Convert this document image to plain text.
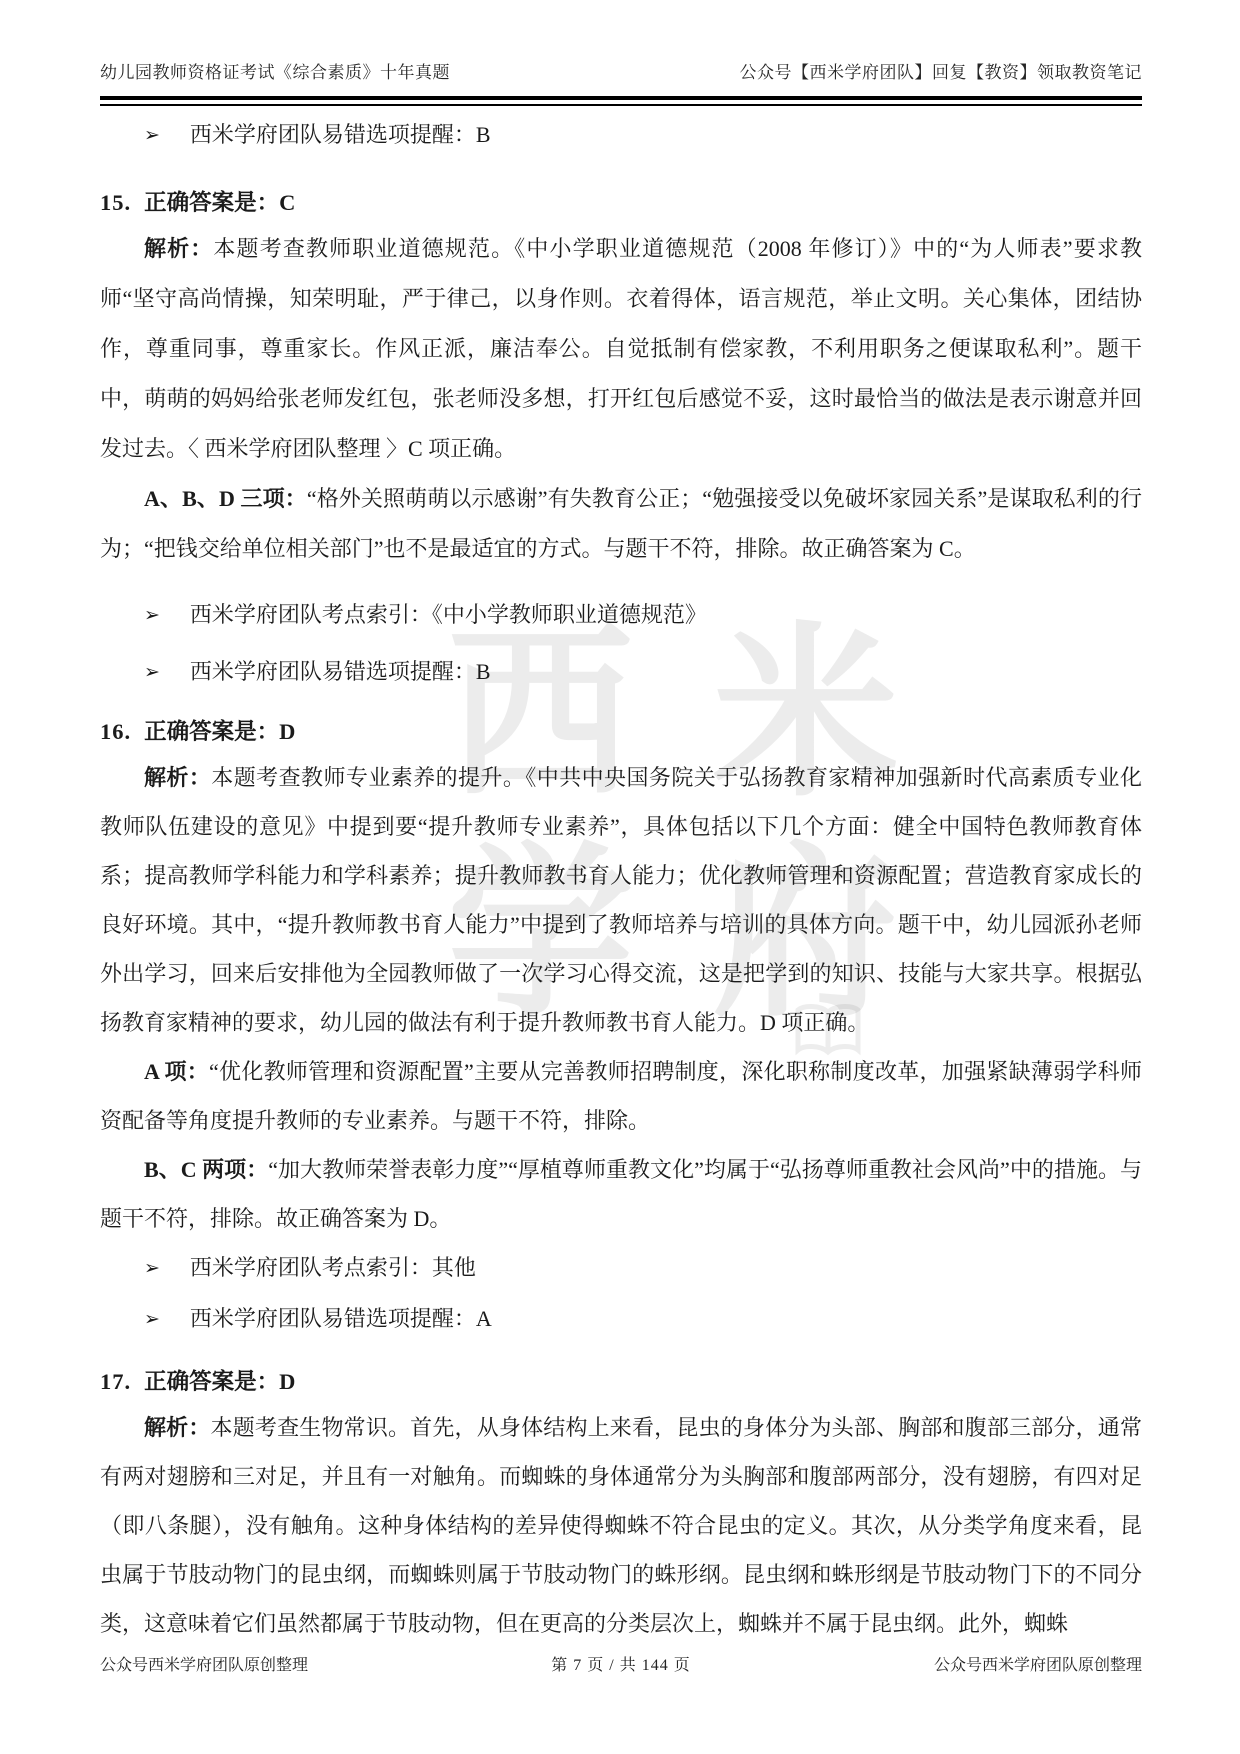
幼儿园教师资格证考试《综合素质》十年真题	公众号【西米学府团队】回复【教资】领取教资笔记
西 米
学 府
➢ 西米学府团队易错选项提醒：B
15. 正确答案是：C

解析：本题考查教师职业道德规范。《中小学职业道德规范（2008 年修订）》中的“为人师表”要求教师“坚守高尚情操，知荣明耻，严于律己，以身作则。衣着得体，语言规范，举止文明。关心集体，团结协作，尊重同事，尊重家长。作风正派，廉洁奉公。自觉抵制有偿家教，不利用职务之便谋取私利”。题干中，萌萌的妈妈给张老师发红包，张老师没多想，打开红包后感觉不妥，这时最恰当的做法是表示谢意并回发过去。〈 西米学府团队整理 〉C 项正确。

A、B、D 三项：“格外关照萌萌以示感谢”有失教育公正；“勉强接受以免破坏家园关系”是谋取私利的行为；“把钱交给单位相关部门”也不是最适宜的方式。与题干不符，排除。故正确答案为 C。

➢ 西米学府团队考点索引：《中小学教师职业道德规范》
➢ 西米学府团队易错选项提醒：B
16. 正确答案是：D

解析：本题考查教师专业素养的提升。《中共中央国务院关于弘扬教育家精神加强新时代高素质专业化教师队伍建设的意见》中提到要“提升教师专业素养”，具体包括以下几个方面：健全中国特色教师教育体系；提高教师学科能力和学科素养；提升教师教书育人能力；优化教师管理和资源配置；营造教育家成长的良好环境。其中，“提升教师教书育人能力”中提到了教师培养与培训的具体方向。题干中，幼儿园派孙老师外出学习，回来后安排他为全园教师做了一次学习心得交流，这是把学到的知识、技能与大家共享。根据弘扬教育家精神的要求，幼儿园的做法有利于提升教师教书育人能力。D 项正确。

A 项：“优化教师管理和资源配置”主要从完善教师招聘制度，深化职称制度改革，加强紧缺薄弱学科师资配备等角度提升教师的专业素养。与题干不符，排除。

B、C 两项：“加大教师荣誉表彰力度”“厚植尊师重教文化”均属于“弘扬尊师重教社会风尚”中的措施。与题干不符，排除。故正确答案为 D。

➢ 西米学府团队考点索引：其他
➢ 西米学府团队易错选项提醒：A
17. 正确答案是：D

解析：本题考查生物常识。首先，从身体结构上来看，昆虫的身体分为头部、胸部和腹部三部分，通常有两对翅膀和三对足，并且有一对触角。而蜘蛛的身体通常分为头胸部和腹部两部分，没有翅膀，有四对足（即八条腿），没有触角。这种身体结构的差异使得蜘蛛不符合昆虫的定义。其次，从分类学角度来看，昆虫属于节肢动物门的昆虫纲，而蜘蛛则属于节肢动物门的蛛形纲。昆虫纲和蛛形纲是节肢动物门下的不同分类，这意味着它们虽然都属于节肢动物，但在更高的分类层次上，蜘蛛并不属于昆虫纲。此外，蜘蛛

公众号西米学府团队原创整理	第 7 页 / 共 144 页	公众号西米学府团队原创整理
